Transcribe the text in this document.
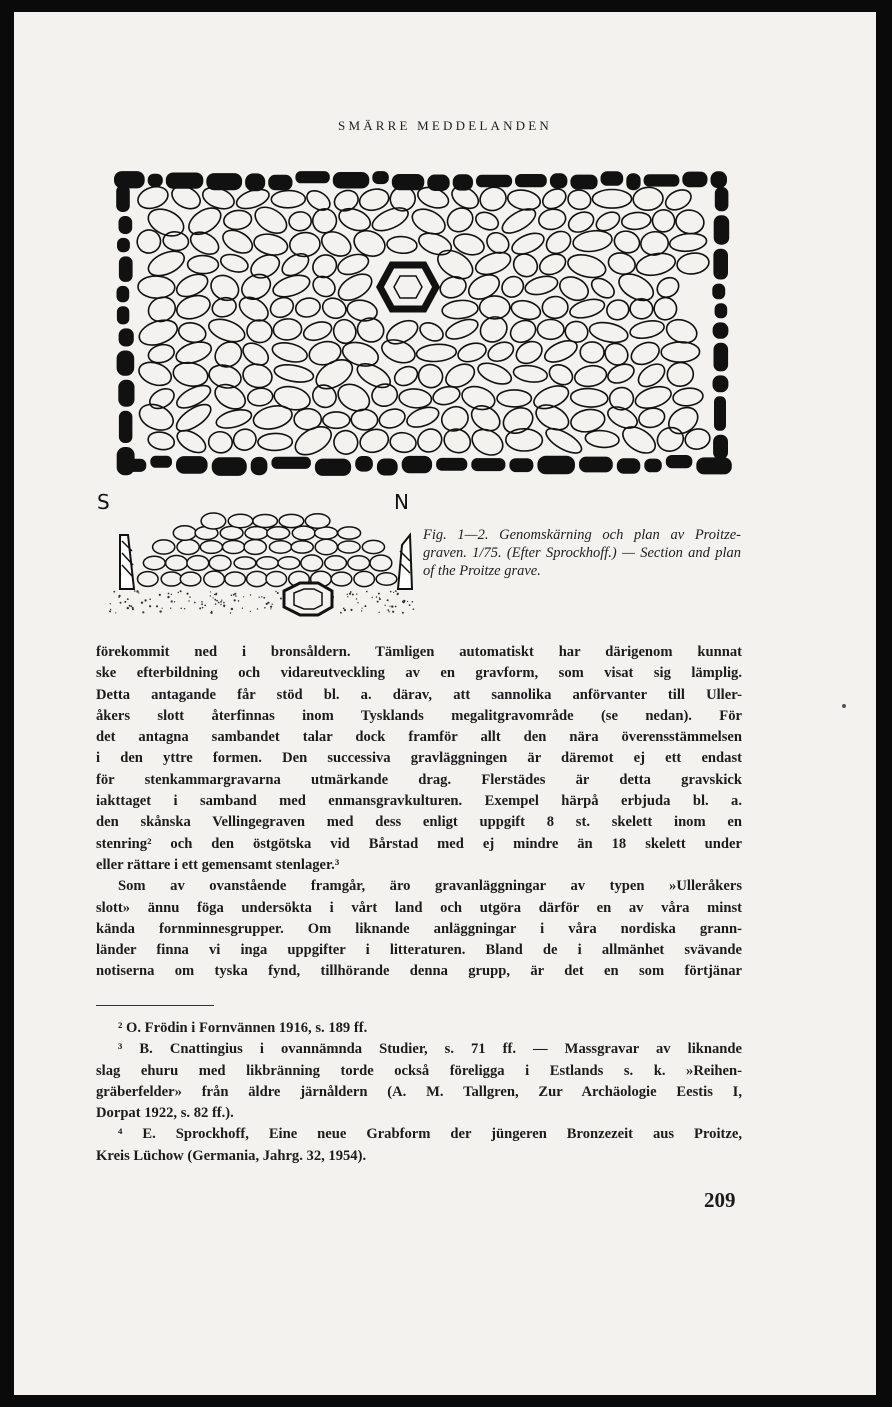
SMÄRRE MEDDELANDEN
S	N
Fig. 1—2. Genomskärning och plan av Proitze-graven. 1/75. (Efter Sprockhoff.) — Section and plan of the Proitze grave.
förekommit ned i bronsåldern. Tämligen automatiskt har därigenom kunnat
ske efterbildning och vidareutveckling av en gravform, som visat sig lämplig.
Detta antagande får stöd bl. a. därav, att sannolika anförvanter till Uller-
åkers slott återfinnas inom Tysklands megalitgravområde (se nedan). För
det antagna sambandet talar dock framför allt den nära överensstämmelsen
i den yttre formen. Den successiva gravläggningen är däremot ej ett endast
för stenkammargravarna utmärkande drag. Flerstädes är detta gravskick
iakttaget i samband med enmansgravkulturen. Exempel härpå erbjuda bl. a.
den skånska Vellingegraven med dess enligt uppgift 8 st. skelett inom en
stenring² och den östgötska vid Bårstad med ej mindre än 18 skelett under
eller rättare i ett gemensamt stenlager.³
Som av ovanstående framgår, äro gravanläggningar av typen »Ulleråkers
slott» ännu föga undersökta i vårt land och utgöra därför en av våra minst
kända fornminnesgrupper. Om liknande anläggningar i våra nordiska grann-
länder finna vi inga uppgifter i litteraturen. Bland de i allmänhet svävande
notiserna om tyska fynd, tillhörande denna grupp, är det en som förtjänar
² O. Frödin i Fornvännen 1916, s. 189 ff.
³ B. Cnattingius i ovannämnda Studier, s. 71 ff. — Massgravar av liknande
slag ehuru med likbränning torde också föreligga i Estlands s. k. »Reihen-
gräberfelder» från äldre järnåldern (A. M. Tallgren, Zur Archäologie Eestis I,
Dorpat 1922, s. 82 ff.).
⁴ E. Sprockhoff, Eine neue Grabform der jüngeren Bronzezeit aus Proitze,
Kreis Lüchow (Germania, Jahrg. 32, 1954).
209
